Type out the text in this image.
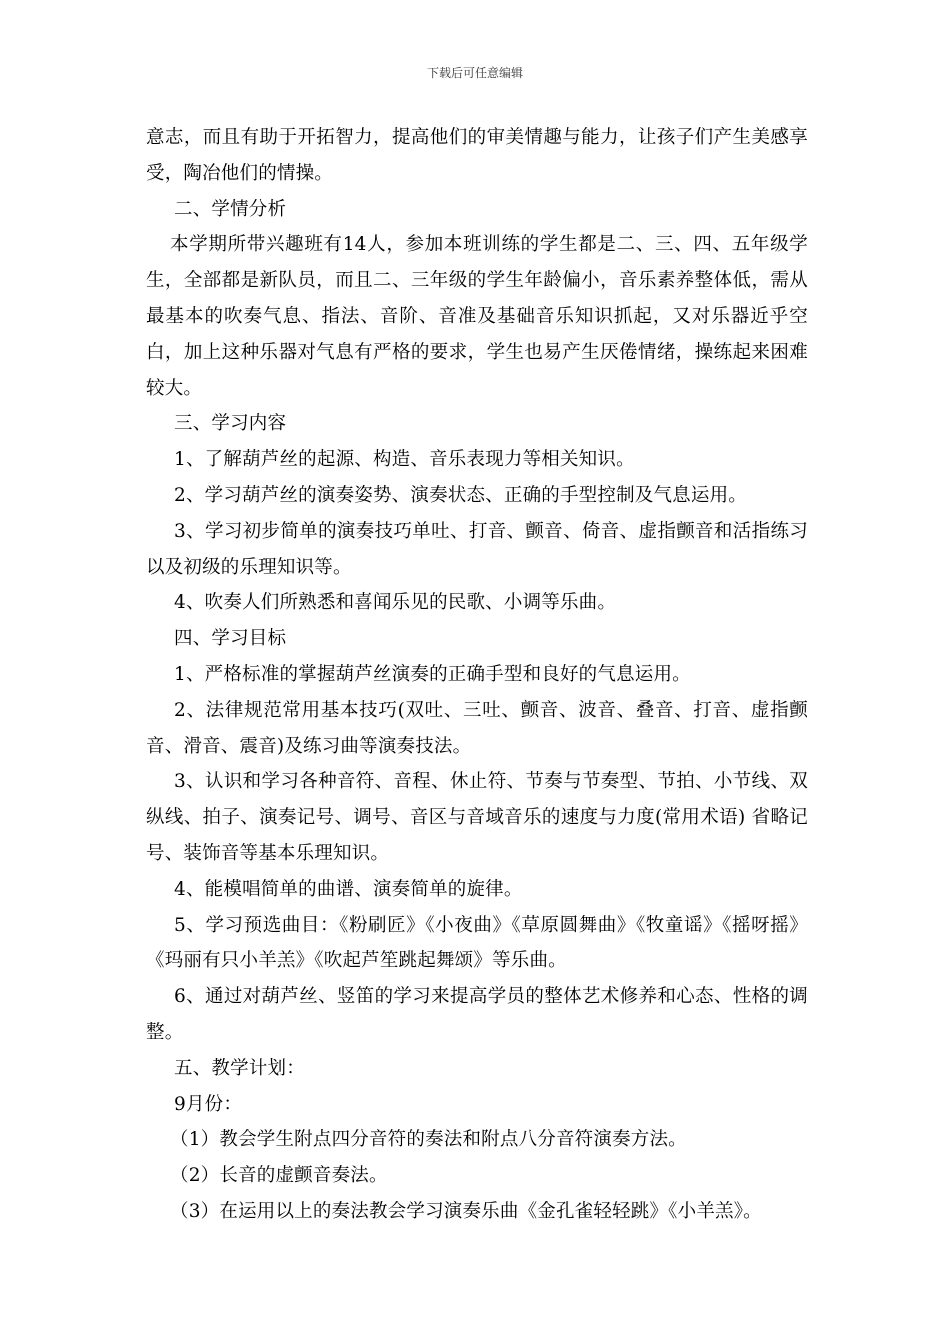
下载后可任意编辑

意志，而且有助于开拓智力，提高他们的审美情趣与能力，让孩子们产生美感享受，陶冶他们的情操。

二、学情分析

本学期所带兴趣班有14人，参加本班训练的学生都是二、三、四、五年级学生，全部都是新队员，而且二、三年级的学生年龄偏小，音乐素养整体低，需从最基本的吹奏气息、指法、音阶、音准及基础音乐知识抓起，又对乐器近乎空白，加上这种乐器对气息有严格的要求，学生也易产生厌倦情绪，操练起来困难较大。

三、学习内容

1、了解葫芦丝的起源、构造、音乐表现力等相关知识。

2、学习葫芦丝的演奏姿势、演奏状态、正确的手型控制及气息运用。

3、学习初步简单的演奏技巧单吐、打音、颤音、倚音、虚指颤音和活指练习以及初级的乐理知识等。

4、吹奏人们所熟悉和喜闻乐见的民歌、小调等乐曲。

四、学习目标

1、严格标准的掌握葫芦丝演奏的正确手型和良好的气息运用。

2、法律规范常用基本技巧(双吐、三吐、颤音、波音、叠音、打音、虚指颤音、滑音、震音)及练习曲等演奏技法。

3、认识和学习各种音符、音程、休止符、节奏与节奏型、节拍、小节线、双纵线、拍子、演奏记号、调号、音区与音域音乐的速度与力度(常用术语) 省略记号、装饰音等基本乐理知识。

4、能模唱简单的曲谱、演奏简单的旋律。

5、学习预选曲目：《粉刷匠》《小夜曲》《草原圆舞曲》《牧童谣》《摇呀摇》《玛丽有只小羊羔》《吹起芦笙跳起舞颂》等乐曲。

6、通过对葫芦丝、竖笛的学习来提高学员的整体艺术修养和心态、性格的调整。

五、教学计划：

9月份：

（1）教会学生附点四分音符的奏法和附点八分音符演奏方法。

（2）长音的虚颤音奏法。

（3）在运用以上的奏法教会学习演奏乐曲《金孔雀轻轻跳》《小羊羔》。
